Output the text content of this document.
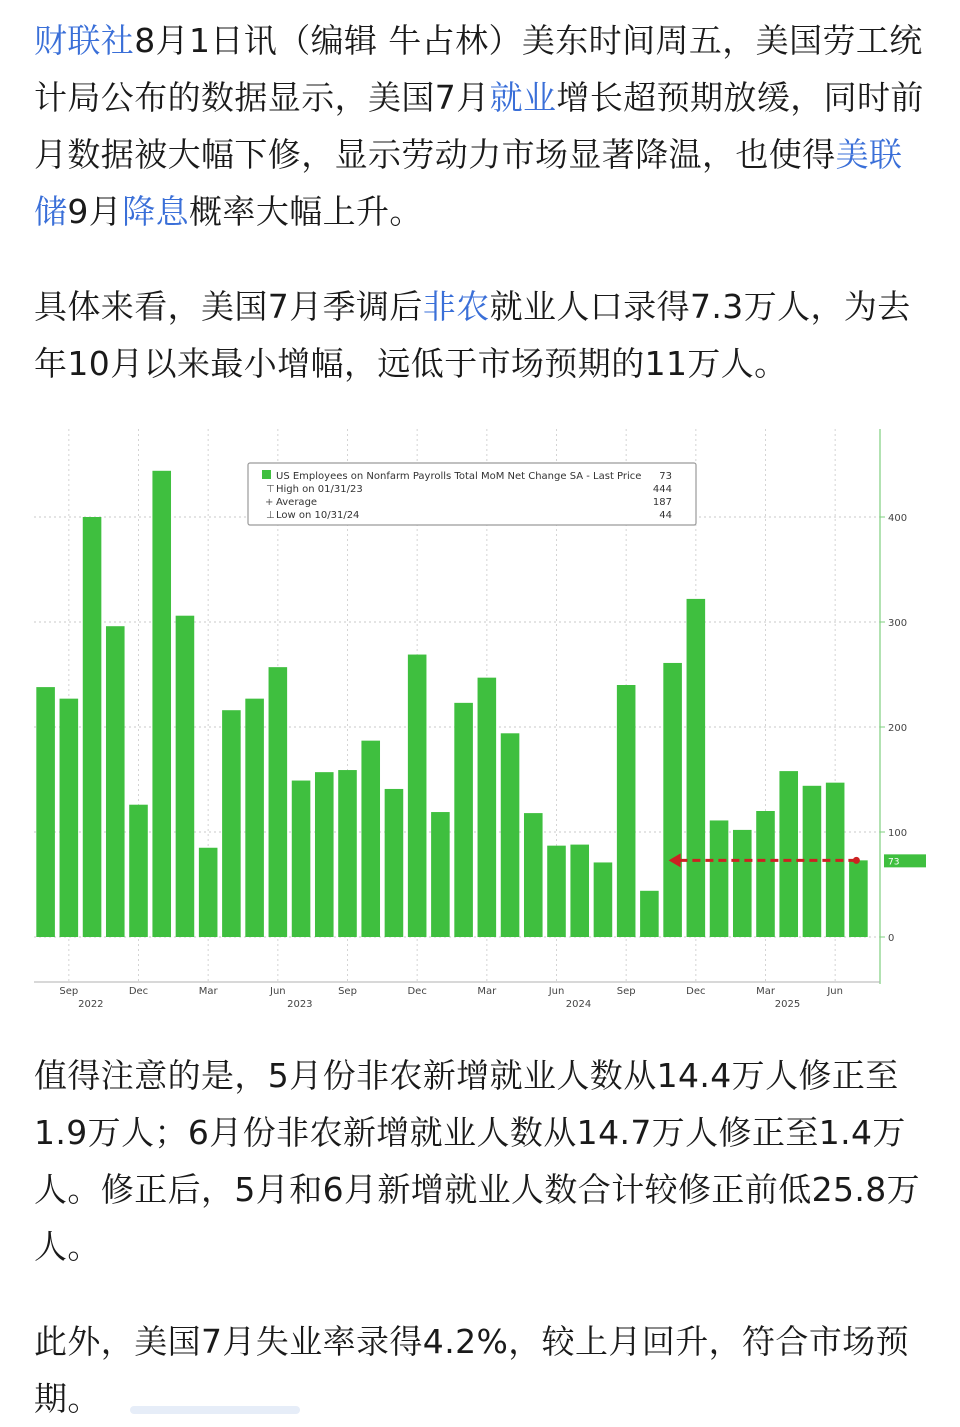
财联社8月1日讯（编辑 牛占林）美东时间周五，美国劳工统计局公布的数据显示，美国7月就业增长超预期放缓，同时前月数据被大幅下修，显示劳动力市场显著降温，也使得美联储9月降息概率大幅上升。

具体来看，美国7月季调后非农就业人口录得7.3万人，为去年10月以来最小增幅，远低于市场预期的11万人。

0
100
200
300
400
Sep
2022
Dec	Mar	Jun
2023
Sep	Dec	Mar	Jun
2024
Sep	Dec	Mar
2025
Jun
73
US Employees on Nonfarm Payrolls Total MoM Net Change SA - Last Price 73
⊤ High on 01/31/23	444
+ Average	187
⊥ Low on 10/31/24	44

值得注意的是，5月份非农新增就业人数从14.4万人修正至1.9万人；6月份非农新增就业人数从14.7万人修正至1.4万人。修正后，5月和6月新增就业人数合计较修正前低25.8万人。

此外，美国7月失业率录得4.2%，较上月回升，符合市场预期。
